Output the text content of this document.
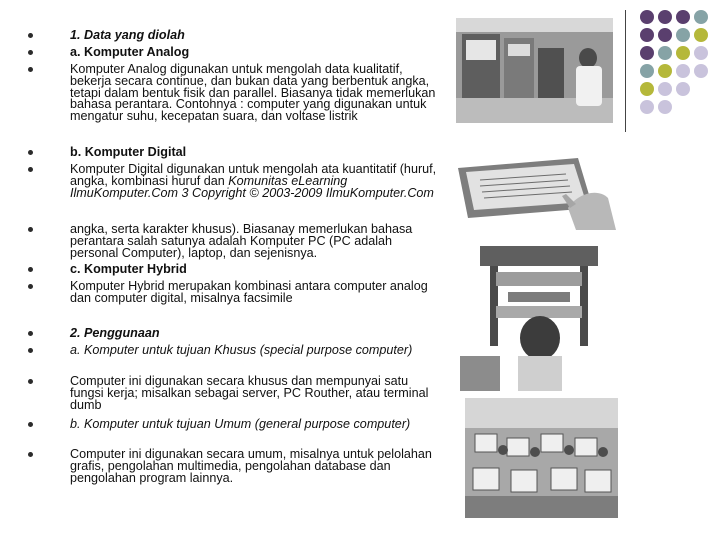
1. Data yang diolah
a. Komputer Analog
Komputer Analog digunakan untuk mengolah data kualitatif, bekerja secara continue, dan bukan data yang berbentuk angka, tetapi dalam bentuk fisik dan parallel. Biasanya tidak memerlukan bahasa perantara. Contohnya : computer yang digunakan untuk mengatur suhu, kecepatan suara, dan voltase listrik
b. Komputer Digital
Komputer Digital digunakan untuk mengolah ata kuantitatif (huruf, angka, kombinasi huruf dan Komunitas eLearning IlmuKomputer.Com 3 Copyright © 2003-2009 IlmuKomputer.Com
angka, serta karakter khusus). Biasanay memerlukan bahasa perantara salah satunya adalah Komputer PC (PC adalah personal Computer), laptop, dan sejenisnya.
c. Komputer Hybrid
Komputer Hybrid merupakan kombinasi antara computer analog dan computer digital, misalnya facsimile
2. Penggunaan
a. Komputer untuk tujuan Khusus (special purpose computer)
Computer ini digunakan secara khusus dan mempunyai satu fungsi kerja; misalkan sebagai server, PC Routher, atau terminal dumb
b. Komputer untuk tujuan Umum (general purpose computer)
Computer ini digunakan secara umum, misalnya untuk pelolahan grafis, pengolahan multimedia, pengolahan database dan pengolahan program lainnya.
